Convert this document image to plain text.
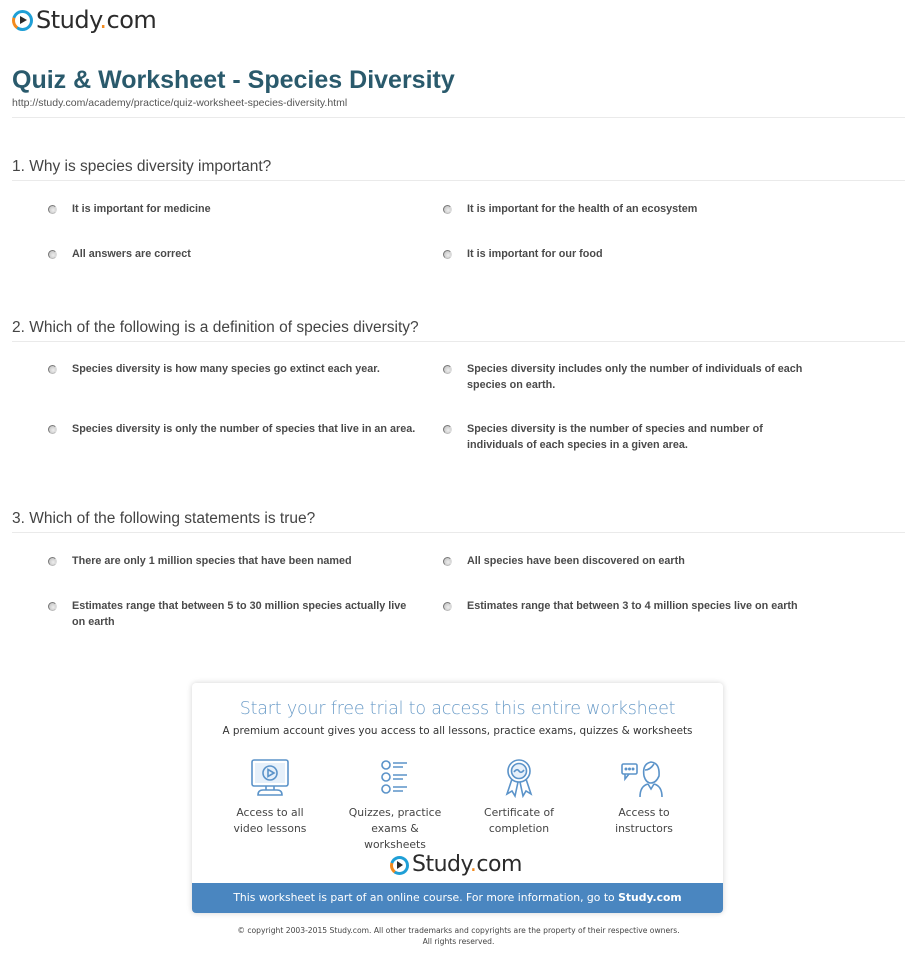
Study.com
Quiz & Worksheet - Species Diversity
http://study.com/academy/practice/quiz-worksheet-species-diversity.html
1. Why is species diversity important?
It is important for medicine	It is important for the health of an ecosystem
All answers are correct	It is important for our food
2. Which of the following is a definition of species diversity?
Species diversity is how many species go extinct each year.	Species diversity includes only the number of individuals of each species on earth.
Species diversity is only the number of species that live in an area.	Species diversity is the number of species and number of individuals of each species in a given area.
3. Which of the following statements is true?
There are only 1 million species that have been named	All species have been discovered on earth
Estimates range that between 5 to 30 million species actually live on earth
Estimates range that between 3 to 4 million species live on earth
Start your free trial to access this entire worksheet
A premium account gives you access to all lessons, practice exams, quizzes & worksheets
Access to all
video lessons
Quizzes, practice
exams & worksheets
Certificate of
completion
Access to
instructors
Study.com
This worksheet is part of an online course. For more information, go to Study.com
© copyright 2003-2015 Study.com. All other trademarks and copyrights are the property of their respective owners.
All rights reserved.
